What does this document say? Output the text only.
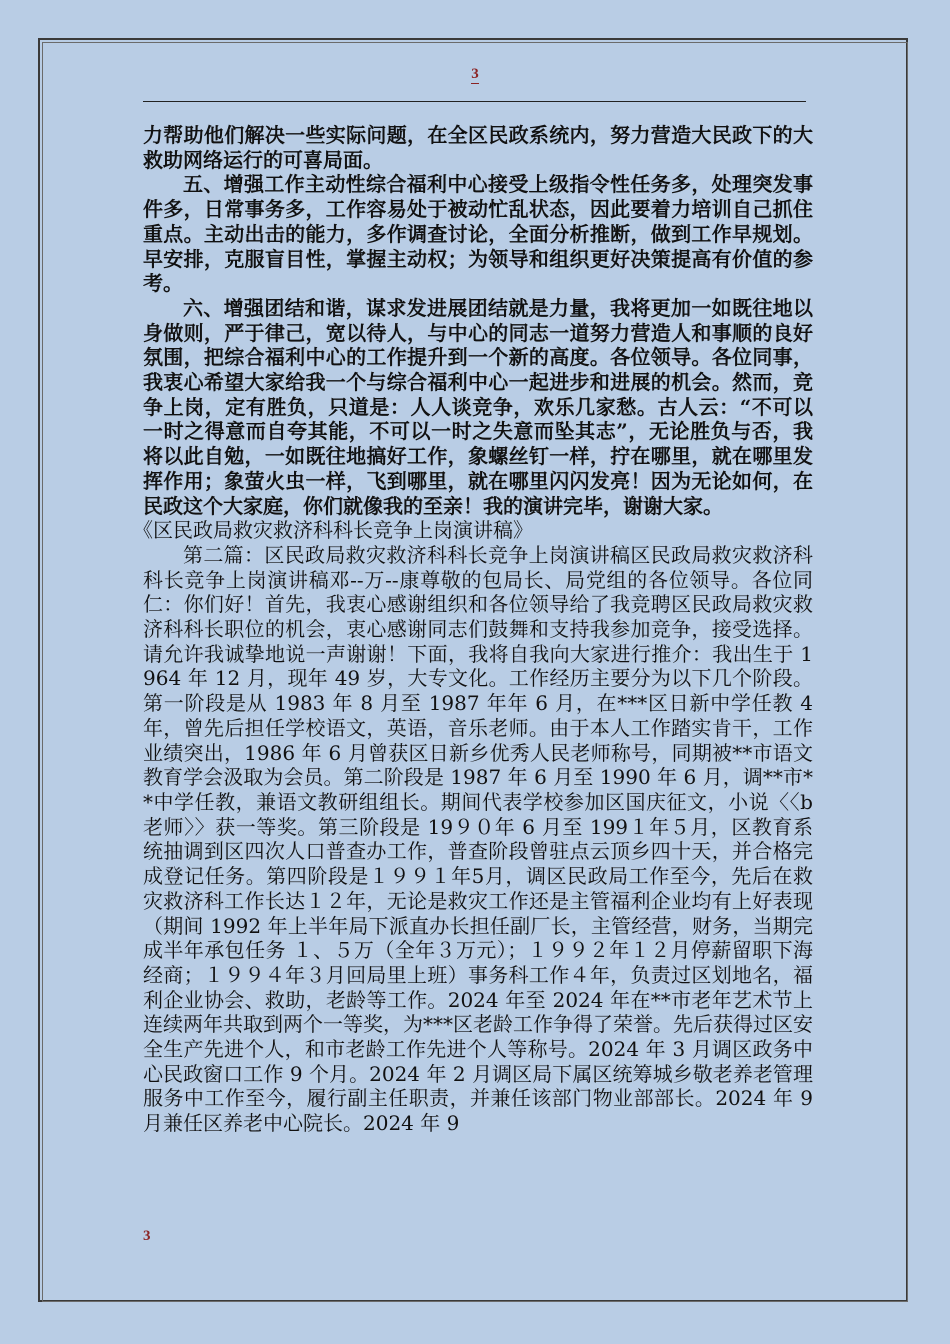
3

力帮助他们解决一些实际问题，在全区民政系统内，努力营造大民政下的大救助网络运行的可喜局面。

五、增强工作主动性综合福利中心接受上级指令性任务多，处理突发事件多，日常事务多，工作容易处于被动忙乱状态，因此要着力培训自己抓住重点。主动出击的能力，多作调查讨论，全面分析推断，做到工作早规划。早安排，克服盲目性，掌握主动权；为领导和组织更好决策提高有价值的参考。

六、增强团结和谐，谋求发进展团结就是力量，我将更加一如既往地以身做则，严于律己，宽以待人，与中心的同志一道努力营造人和事顺的良好氛围，把综合福利中心的工作提升到一个新的高度。各位领导。各位同事，我衷心希望大家给我一个与综合福利中心一起进步和进展的机会。然而，竞争上岗，定有胜负，只道是：人人谈竞争，欢乐几家愁。古人云：“不可以一时之得意而自夸其能，不可以一时之失意而坠其志”，无论胜负与否，我将以此自勉，一如既往地搞好工作，象螺丝钉一样，拧在哪里，就在哪里发挥作用；象萤火虫一样，飞到哪里，就在哪里闪闪发亮！因为无论如何，在民政这个大家庭，你们就像我的至亲！我的演讲完毕，谢谢大家。

《区民政局救灾救济科科长竞争上岗演讲稿》

第二篇：区民政局救灾救济科科长竞争上岗演讲稿区民政局救灾救济科科长竞争上岗演讲稿邓--万--康尊敬的包局长、局党组的各位领导。各位同仁：你们好！首先，我衷心感谢组织和各位领导给了我竞聘区民政局救灾救济科科长职位的机会，衷心感谢同志们鼓舞和支持我参加竞争，接受选择。请允许我诚挚地说一声谢谢！下面，我将自我向大家进行推介：我出生于 1964 年 12 月，现年 49 岁，大专文化。工作经历主要分为以下几个阶段。第一阶段是从 1983 年 8 月至 1987 年年 6 月，在***区日新中学任教 4 年，曾先后担任学校语文，英语，音乐老师。由于本人工作踏实肯干，工作业绩突出，1986 年 6 月曾获区日新乡优秀人民老师称号，同期被**市语文教育学会汲取为会员。第二阶段是 1987 年 6 月至 1990 年 6 月，调**市**中学任教，兼语文教研组组长。期间代表学校参加区国庆征文，小说〈〈b 老师〉〉获一等奖。第三阶段是 19９０年 6 月至 199１年５月，区教育系统抽调到区四次人口普查办工作，普查阶段曾驻点云顶乡四十天，并合格完成登记任务。第四阶段是１９９１年5月，调区民政局工作至今，先后在救灾救济科工作长达１２年，无论是救灾工作还是主管福利企业均有上好表现（期间 1992 年上半年局下派直办长担任副厂长，主管经营，财务，当期完成半年承包任务 １、５万（全年３万元）；１９９２年１２月停薪留职下海经商；１９９４年３月回局里上班）事务科工作４年，负责过区划地名，福利企业协会、救助，老龄等工作。2024 年至 2024 年在**市老年艺术节上连续两年共取到两个一等奖，为***区老龄工作争得了荣誉。先后获得过区安全生产先进个人，和市老龄工作先进个人等称号。2024 年 3 月调区政务中心民政窗口工作 9 个月。2024 年 2 月调区局下属区统筹城乡敬老养老管理服务中工作至今，履行副主任职责，并兼任该部门物业部部长。2024 年 9 月兼任区养老中心院长。2024 年 9

3
